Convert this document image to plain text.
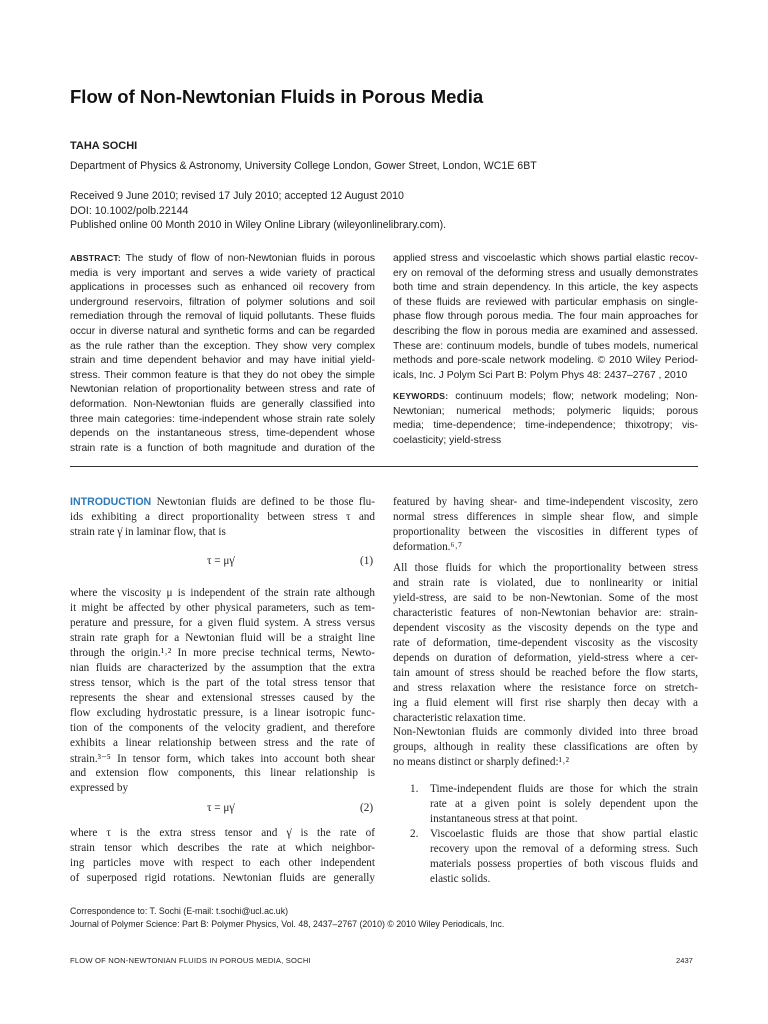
Flow of Non-Newtonian Fluids in Porous Media
TAHA SOCHI
Department of Physics & Astronomy, University College London, Gower Street, London, WC1E 6BT
Received 9 June 2010; revised 17 July 2010; accepted 12 August 2010
DOI: 10.1002/polb.22144
Published online 00 Month 2010 in Wiley Online Library (wileyonlinelibrary.com).
ABSTRACT: The study of flow of non-Newtonian fluids in porous
media is very important and serves a wide variety of practical
applications in processes such as enhanced oil recovery from
underground reservoirs, filtration of polymer solutions and soil
remediation through the removal of liquid pollutants. These fluids
occur in diverse natural and synthetic forms and can be regarded
as the rule rather than the exception. They show very complex
strain and time dependent behavior and may have initial yield-
stress. Their common feature is that they do not obey the simple
Newtonian relation of proportionality between stress and rate of
deformation. Non-Newtonian fluids are generally classified into
three main categories: time-independent whose strain rate solely
depends on the instantaneous stress, time-dependent whose
strain rate is a function of both magnitude and duration of the
applied stress and viscoelastic which shows partial elastic recov-
ery on removal of the deforming stress and usually demonstrates
both time and strain dependency. In this article, the key aspects
of these fluids are reviewed with particular emphasis on single-
phase flow through porous media. The four main approaches for
describing the flow in porous media are examined and assessed.
These are: continuum models, bundle of tubes models, numerical
methods and pore-scale network modeling. © 2010 Wiley Period-
icals, Inc. J Polym Sci Part B: Polym Phys 48: 2437–2767 , 2010
KEYWORDS: continuum models; flow; network modeling; Non-
Newtonian; numerical methods; polymeric liquids; porous
media; time-dependence; time-independence; thixotropy; vis-
coelasticity; yield-stress
INTRODUCTION Newtonian fluids are defined to be those flu-
ids exhibiting a direct proportionality between stress τ and
strain rate γ̇ in laminar flow, that is
τ = μγ̇	(1)
where the viscosity μ is independent of the strain rate although
it might be affected by other physical parameters, such as tem-
perature and pressure, for a given fluid system. A stress versus
strain rate graph for a Newtonian fluid will be a straight line
through the origin.¹˒² In more precise technical terms, Newto-
nian fluids are characterized by the assumption that the extra
stress tensor, which is the part of the total stress tensor that
represents the shear and extensional stresses caused by the
flow excluding hydrostatic pressure, is a linear isotropic func-
tion of the components of the velocity gradient, and therefore
exhibits a linear relationship between stress and the rate of
strain.³⁻⁵ In tensor form, which takes into account both shear
and extension flow components, this linear relationship is
expressed by
τ = μγ̇	(2)
where τ is the extra stress tensor and γ̇ is the rate of
strain tensor which describes the rate at which neighbor-
ing particles move with respect to each other independent
of superposed rigid rotations. Newtonian fluids are generally
featured by having shear- and time-independent viscosity, zero
normal stress differences in simple shear flow, and simple
proportionality between the viscosities in different types of
deformation.⁶˒⁷
All those fluids for which the proportionality between stress
and strain rate is violated, due to nonlinearity or initial
yield-stress, are said to be non-Newtonian. Some of the most
characteristic features of non-Newtonian behavior are: strain-
dependent viscosity as the viscosity depends on the type and
rate of deformation, time-dependent viscosity as the viscosity
depends on duration of deformation, yield-stress where a cer-
tain amount of stress should be reached before the flow starts,
and stress relaxation where the resistance force on stretch-
ing a fluid element will first rise sharply then decay with a
characteristic relaxation time.
Non-Newtonian fluids are commonly divided into three broad
groups, although in reality these classifications are often by
no means distinct or sharply defined:¹˒²
1. Time-independent fluids are those for which the strain
rate at a given point is solely dependent upon the
instantaneous stress at that point.
2. Viscoelastic fluids are those that show partial elastic
recovery upon the removal of a deforming stress. Such
materials possess properties of both viscous fluids and
elastic solids.
Correspondence to: T. Sochi (E-mail: t.sochi@ucl.ac.uk)
Journal of Polymer Science: Part B: Polymer Physics, Vol. 48, 2437–2767 (2010) © 2010 Wiley Periodicals, Inc.
FLOW OF NON-NEWTONIAN FLUIDS IN POROUS MEDIA, SOCHI	2437
